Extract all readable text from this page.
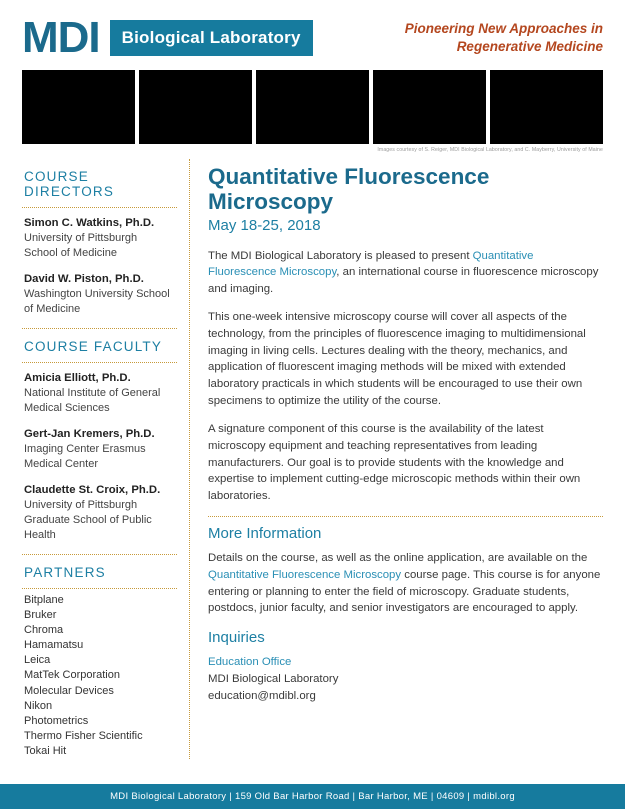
MDI	Biological Laboratory	Pioneering New Approaches in
Regenerative Medicine
Images courtesy of S. Reiger, MDI Biological Laboratory, and C. Mayberry, University of Maine
COURSE DIRECTORS
Simon C. Watkins, Ph.D.
University of Pittsburgh
School of Medicine
David W. Piston, Ph.D.
Washington University School
of Medicine
COURSE FACULTY
Amicia Elliott, Ph.D.
National Institute of General
Medical Sciences
Gert-Jan Kremers, Ph.D.
Imaging Center Erasmus
Medical Center
Claudette St. Croix, Ph.D.
University of Pittsburgh
Graduate School of Public
Health
PARTNERS
Bitplane
Bruker
Chroma
Hamamatsu
Leica
MatTek Corporation
Molecular Devices
Nikon
Photometrics
Thermo Fisher Scientific
Tokai Hit
Quantitative Fluorescence Microscopy
May 18-25, 2018

The MDI Biological Laboratory is pleased to present Quantitative Fluorescence Microscopy, an international course in fluorescence microscopy and imaging.

This one-week intensive microscopy course will cover all aspects of the technology, from the principles of fluorescence imaging to multidimensional imaging in living cells. Lectures dealing with the theory, mechanics, and application of fluorescent imaging methods will be mixed with extended laboratory practicals in which students will be encouraged to use their own specimens to optimize the utility of the course.

A signature component of this course is the availability of the latest microscopy equipment and teaching representatives from leading manufacturers. Our goal is to provide students with the knowledge and expertise to implement cutting-edge microscopic methods within their own laboratories.

More Information

Details on the course, as well as the online application, are available on the Quantitative Fluorescence Microscopy course page. This course is for anyone entering or planning to enter the field of microscopy. Graduate students, postdocs, junior faculty, and senior investigators are encouraged to apply.

Inquiries
Education Office
MDI Biological Laboratory
education@mdibl.org
MDI Biological Laboratory | 159 Old Bar Harbor Road | Bar Harbor, ME | 04609 | mdibl.org
